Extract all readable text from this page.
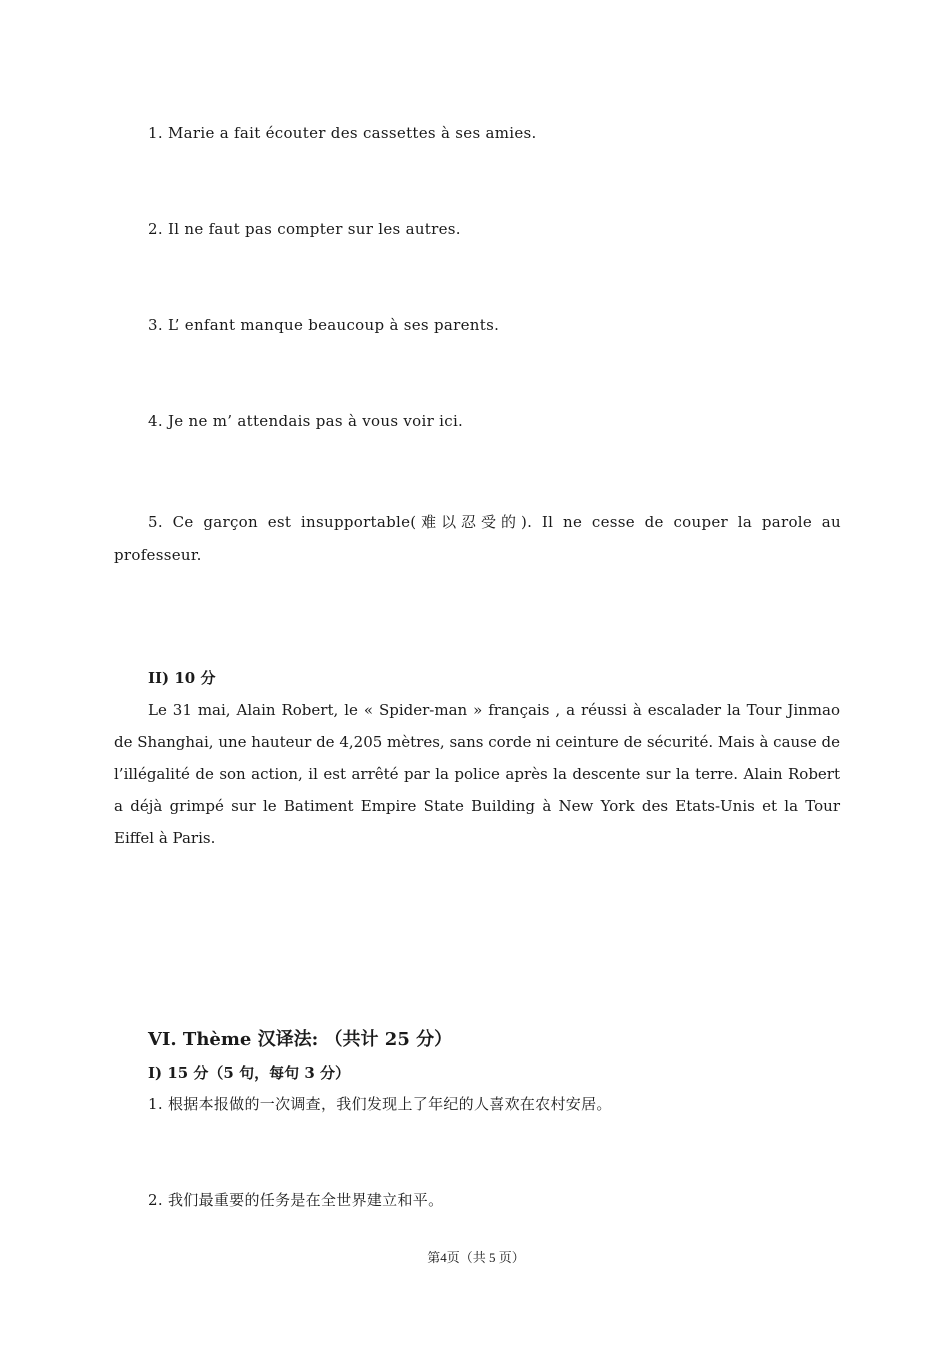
1. Marie a fait écouter des cassettes à ses amies.
2. Il ne faut pas compter sur les autres.
3. L’ enfant manque beaucoup à ses parents.
4. Je ne m’ attendais pas à vous voir ici.
5. Ce garçon est insupportable(难以忍受的). Il ne cesse de couper la parole au professeur.
II) 10 分
Le 31 mai, Alain Robert, le « Spider-man » français , a réussi à escalader la Tour Jinmao de Shanghai, une hauteur de 4,205 mètres, sans corde ni ceinture de sécurité. Mais à cause de l’illégalité de son action, il est arrêté par la police après la descente sur la terre. Alain Robert a déjà grimpé sur le Batiment Empire State Building à New York des Etats-Unis et la Tour Eiffel à Paris.
VI. Thème 汉译法: （共计 25 分）
I) 15 分（5 句，每句 3 分）
1. 根据本报做的一次调查，我们发现上了年纪的人喜欢在农村安居。
2. 我们最重要的任务是在全世界建立和平。
第4页（共 5 页）
